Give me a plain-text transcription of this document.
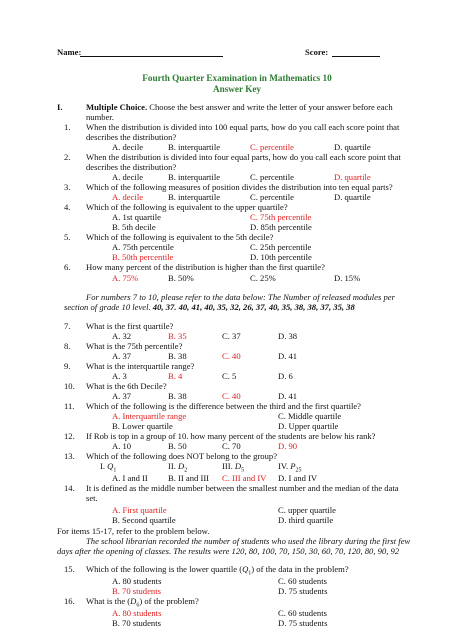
Name:	Score:
Fourth Quarter Examination in Mathematics 10
Answer Key
I.	Multiple Choice. Choose the best answer and write the letter of your answer before each
number.
1. When the distribution is divided into 100 equal parts, how do you call each score point that
describes the distribution?
A. decile	B. interquartile	C. percentile	D. quartile
2. When the distribution is divided into four equal parts, how do you call each score point that
describes the distribution?
A. decile	B. interquartile	C. percentile	D. quartile
3. Which of the following measures of position divides the distribution into ten equal parts?
A. decile	B. interquartile	C. percentile	D. quartile
4. Which of the following is equivalent to the upper quartile?
A. 1st quartile	C. 75th percentile
B. 5th decile	D. 85th percentile
5. Which of the following is equivalent to the 5th decile?
A. 75th percentile	C. 25th percentile
B. 50th percentile	D. 10th percentile
6. How many percent of the distribution is higher than the first quartile?
A. 75%	B. 50%	C. 25%	D. 15%
For numbers 7 to 10, please refer to the data below: The Number of released modules per
section of grade 10 level. 40, 37. 40, 41, 40, 35, 32, 26, 37, 40, 35, 38, 38, 37, 35, 38
7. What is the first quartile?
A. 32	B. 35	C. 37	D. 38
8. What is the 75th percentile?
A. 37	B. 38	C. 40	D. 41
9. What is the interquartile range?
A. 3	B. 4	C. 5	D. 6
10. What is the 6th Decile?
A. 37	B. 38	C. 40	D. 41
11. Which of the following is the difference between the third and the first quartile?
A. Interquartile range	C. Middle quartile
B. Lower quartile	D. Upper quartile
12. If Rob is top in a group of 10. how many percent of the students are below his rank?
A. 10	B. 50	C. 70	D. 90
13. Which of the following does NOT belong to the group?
I. $Q_1$	II. $D_2$	III. $D_5$	IV. $P_{25}$
A. I and II B. II and III C. III and IV D. I and IV
14. It is defined as the middle number between the smallest number and the median of the data
set.
A. First quartile	C. upper quartile
B. Second quartile	D. third quartile
For items 15-17, refer to the problem below.
The school librarian recorded the number of students who used the library during the first few
days after the opening of classes. The results were 120, 80, 100, 70, 150, 30, 60, 70, 120, 80, 90, 92
15. Which of the following is the lower quartile $(Q_1)$ of the data in the problem?
A. 80 students	C. 60 students
B. 70 students	D. 75 students
16. What is the $(D_6)$ of the problem?
A. 80 students	C. 60 students
B. 70 students	D. 75 students
